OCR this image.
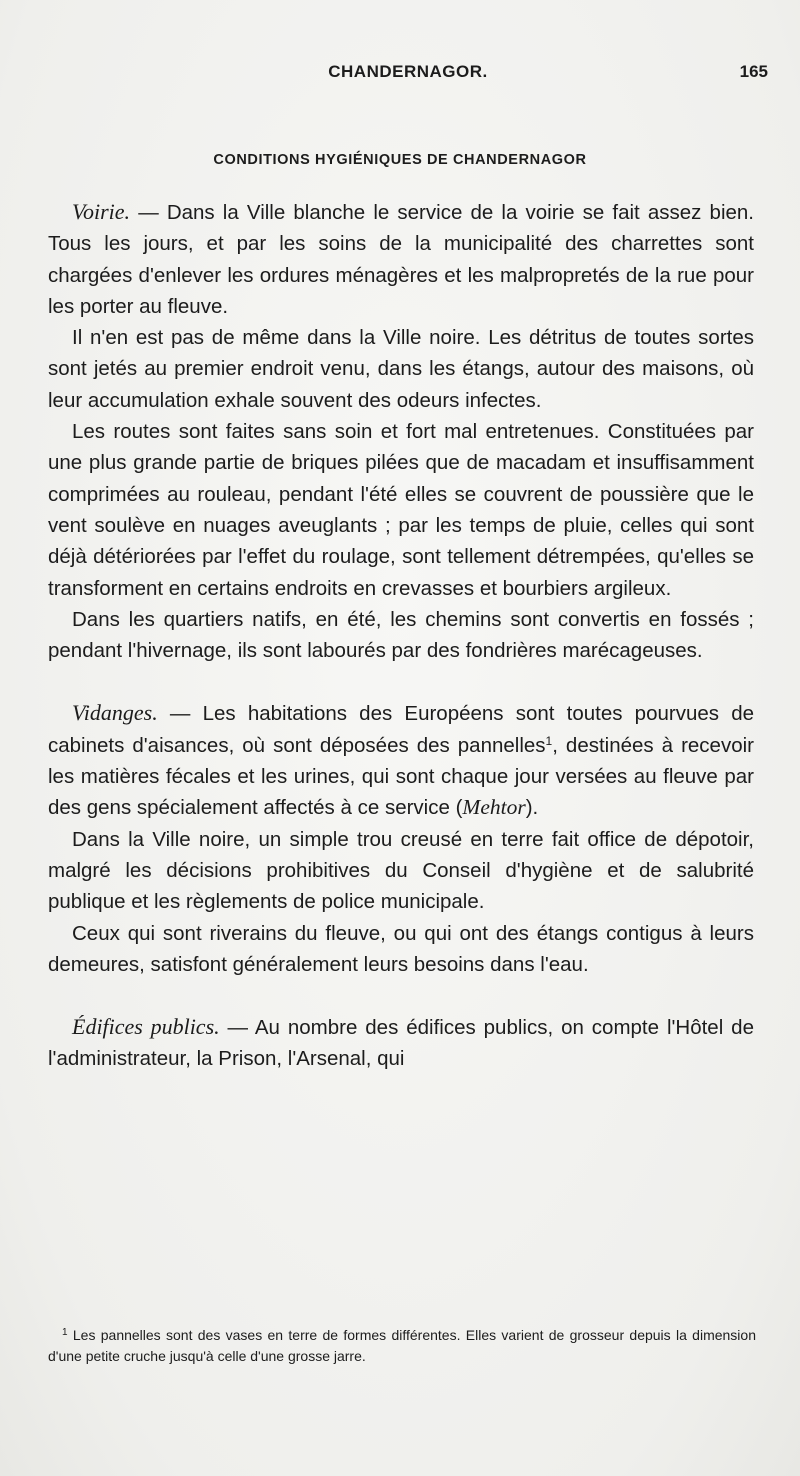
CHANDERNAGOR.	165
CONDITIONS HYGIÉNIQUES DE CHANDERNAGOR

Voirie. — Dans la Ville blanche le service de la voirie se fait assez bien. Tous les jours, et par les soins de la municipalité des charrettes sont chargées d'enlever les ordures ménagères et les malpropretés de la rue pour les porter au fleuve.

Il n'en est pas de même dans la Ville noire. Les détritus de toutes sortes sont jetés au premier endroit venu, dans les étangs, autour des maisons, où leur accumulation exhale souvent des odeurs infectes.

Les routes sont faites sans soin et fort mal entretenues. Constituées par une plus grande partie de briques pilées que de macadam et insuffisamment comprimées au rouleau, pendant l'été elles se couvrent de poussière que le vent soulève en nuages aveuglants ; par les temps de pluie, celles qui sont déjà détériorées par l'effet du roulage, sont tellement détrempées, qu'elles se transforment en certains endroits en crevasses et bourbiers argileux.

Dans les quartiers natifs, en été, les chemins sont convertis en fossés ; pendant l'hivernage, ils sont labourés par des fondrières marécageuses.

Vidanges. — Les habitations des Européens sont toutes pourvues de cabinets d'aisances, où sont déposées des pannelles$^1$, destinées à recevoir les matières fécales et les urines, qui sont chaque jour versées au fleuve par des gens spécialement affectés à ce service (Mehtor).

Dans la Ville noire, un simple trou creusé en terre fait office de dépotoir, malgré les décisions prohibitives du Conseil d'hygiène et de salubrité publique et les règlements de police municipale.

Ceux qui sont riverains du fleuve, ou qui ont des étangs contigus à leurs demeures, satisfont généralement leurs besoins dans l'eau.

Édifices publics. — Au nombre des édifices publics, on compte l'Hôtel de l'administrateur, la Prison, l'Arsenal, qui

$^1$ Les pannelles sont des vases en terre de formes différentes. Elles varient de grosseur depuis la dimension d'une petite cruche jusqu'à celle d'une grosse jarre.
